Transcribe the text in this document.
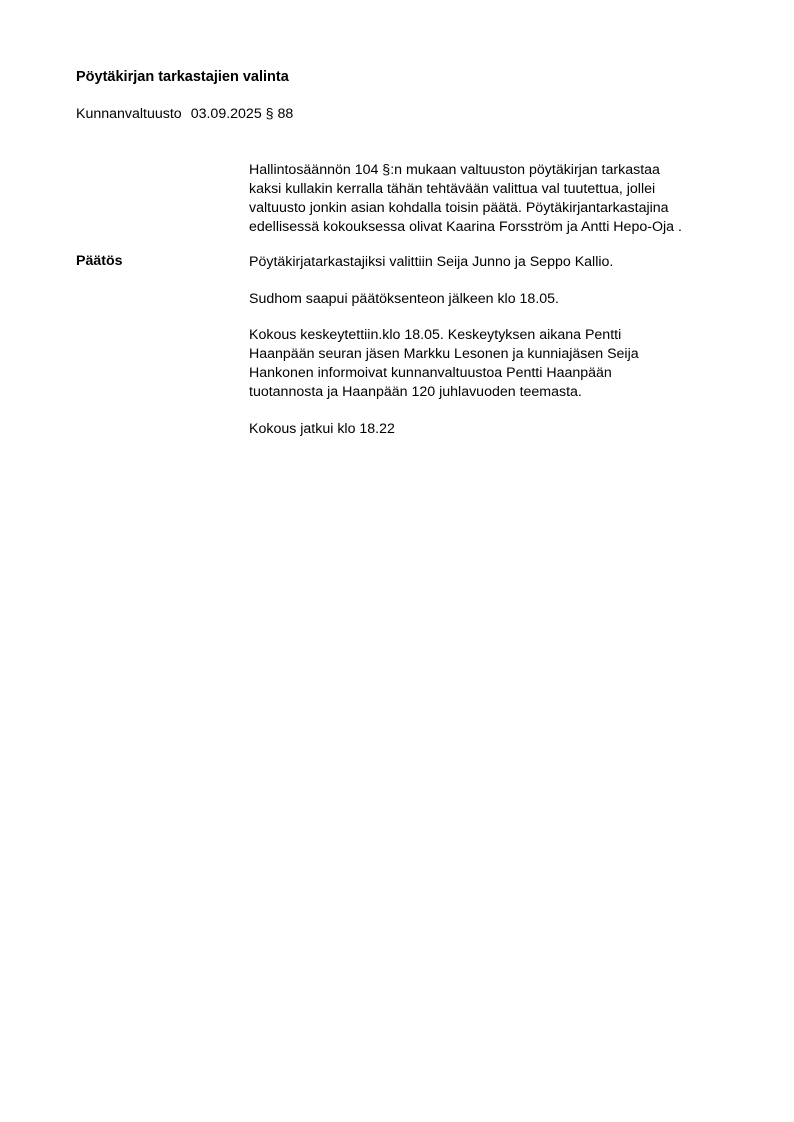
Pöytäkirjan tarkastajien valinta
Kunnanvaltuusto 03.09.2025 § 88

Hallintosäännön 104 §:n mukaan valtuuston pöytäkirjan tarkastaa
kaksi kullakin kerralla tähän tehtävään valittua val tuutettua, jollei
valtuusto jonkin asian kohdalla toisin päätä. Pöytäkirjantarkastajina
edellisessä kokouksessa olivat Kaarina Forsström ja Antti Hepo-Oja .

Päätös	Pöytäkirjatarkastajiksi valittiin Seija Junno ja Seppo Kallio.

Sudhom saapui päätöksenteon jälkeen klo 18.05.

Kokous keskeytettiin.klo 18.05. Keskeytyksen aikana Pentti
Haanpään seuran jäsen Markku Lesonen ja kunniajäsen Seija
Hankonen informoivat kunnanvaltuustoa Pentti Haanpään
tuotannosta ja Haanpään 120 juhlavuoden teemasta.

Kokous jatkui klo 18.22
